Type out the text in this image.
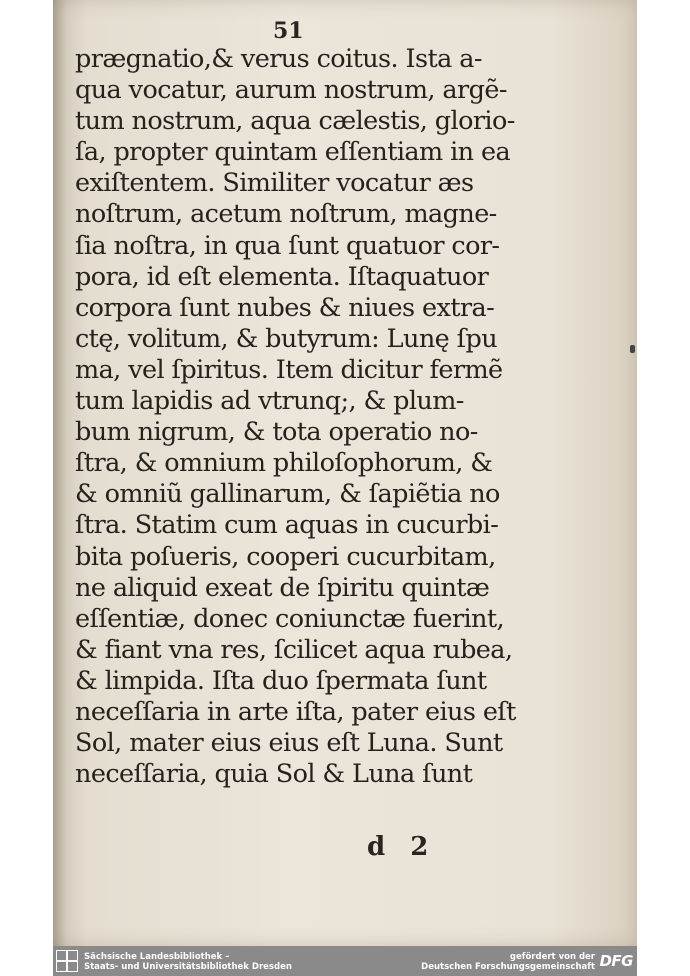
51
prægnatio,& verus coitus. Ista a-
qua vocatur, aurum nostrum, argẽ-
tum nostrum, aqua cælestis, glorio-
ſa, propter quintam eſſentiam in ea
exiſtentem. Similiter vocatur æs
noſtrum, acetum noſtrum, magne-
ſia noſtra, in qua ſunt quatuor cor-
pora, id eſt elementa. Iſtaquatuor
corpora ſunt nubes & niues extra-
ctę, volitum, & butyrum: Lunę ſpu
ma, vel ſpiritus. Item dicitur fermẽ
tum lapidis ad vtrunq;, & plum-
bum nigrum, & tota operatio no-
ſtra, & omnium philoſophorum, &
& omniũ gallinarum, & ſapiẽtia no
ſtra. Statim cum aquas in cucurbi-
bita poſueris, cooperi cucurbitam,
ne aliquid exeat de ſpiritu quintæ
eſſentiæ, donec coniunctæ fuerint,
& fiant vna res, ſcilicet aqua rubea,
& limpida. Iſta duo ſpermata ſunt
neceſſaria in arte iſta, pater eius eſt
Sol, mater eius eius eſt Luna. Sunt
neceſſaria, quia Sol & Luna ſunt
d 2
Sächsische Landesbibliothek –
Staats- und Universitätsbibliothek Dresden
gefördert von der
Deutschen Forschungsgemeinschaft DFG
